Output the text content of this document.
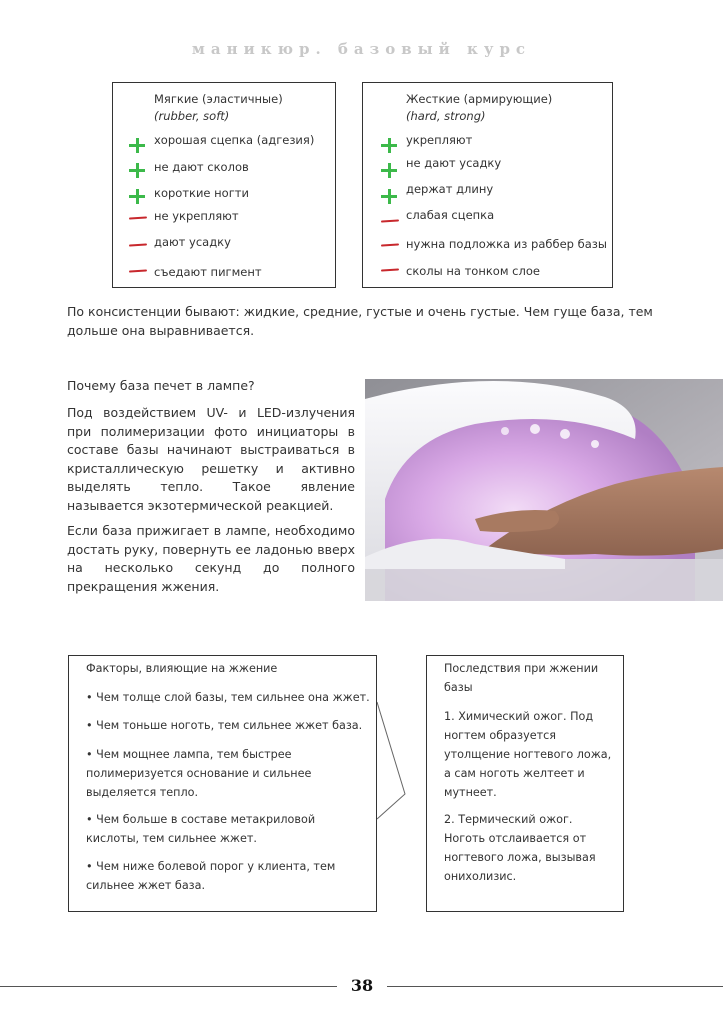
маникюр. базовый курс
Мягкие (эластичные)
(rubber, soft)
хорошая сцепка (адгезия)
не дают сколов
короткие ногти
не укрепляют
дают усадку
съедают пигмент
Жесткие (армирующие)
(hard, strong)
укрепляют
не дают усадку
держат длину
слабая сцепка
нужна подложка из раббер базы
сколы на тонком слое
По консистенции бывают: жидкие, средние, густые и очень густые. Чем гуще база, тем дольше она выравнивается.
Почему база печет в лампе?
Под воздействием UV- и LED-излучения при полимеризации фото инициаторы в составе базы начинают выстраиваться в кристаллическую решетку и активно выделять тепло. Такое явление называется экзотермической реакцией.
Если база прижигает в лампе, необходимо достать руку, повернуть ее ладонью вверх на несколько секунд до полного прекращения жжения.
Факторы, влияющие на жжение
• Чем толще слой базы, тем сильнее она жжет.
• Чем тоньше ноготь, тем сильнее жжет база.
• Чем мощнее лампа, тем быстрее полимеризуется основание и сильнее выделяется тепло.
• Чем больше в составе метакриловой кислоты, тем сильнее жжет.
• Чем ниже болевой порог у клиента, тем сильнее жжет база.
Последствия при жжении базы
1. Химический ожог. Под ногтем образуется утолщение ногтевого ложа, а сам ноготь желтеет и мутнеет.
2. Термический ожог. Ноготь отслаивается от ногтевого ложа, вызывая онихолизис.
38
